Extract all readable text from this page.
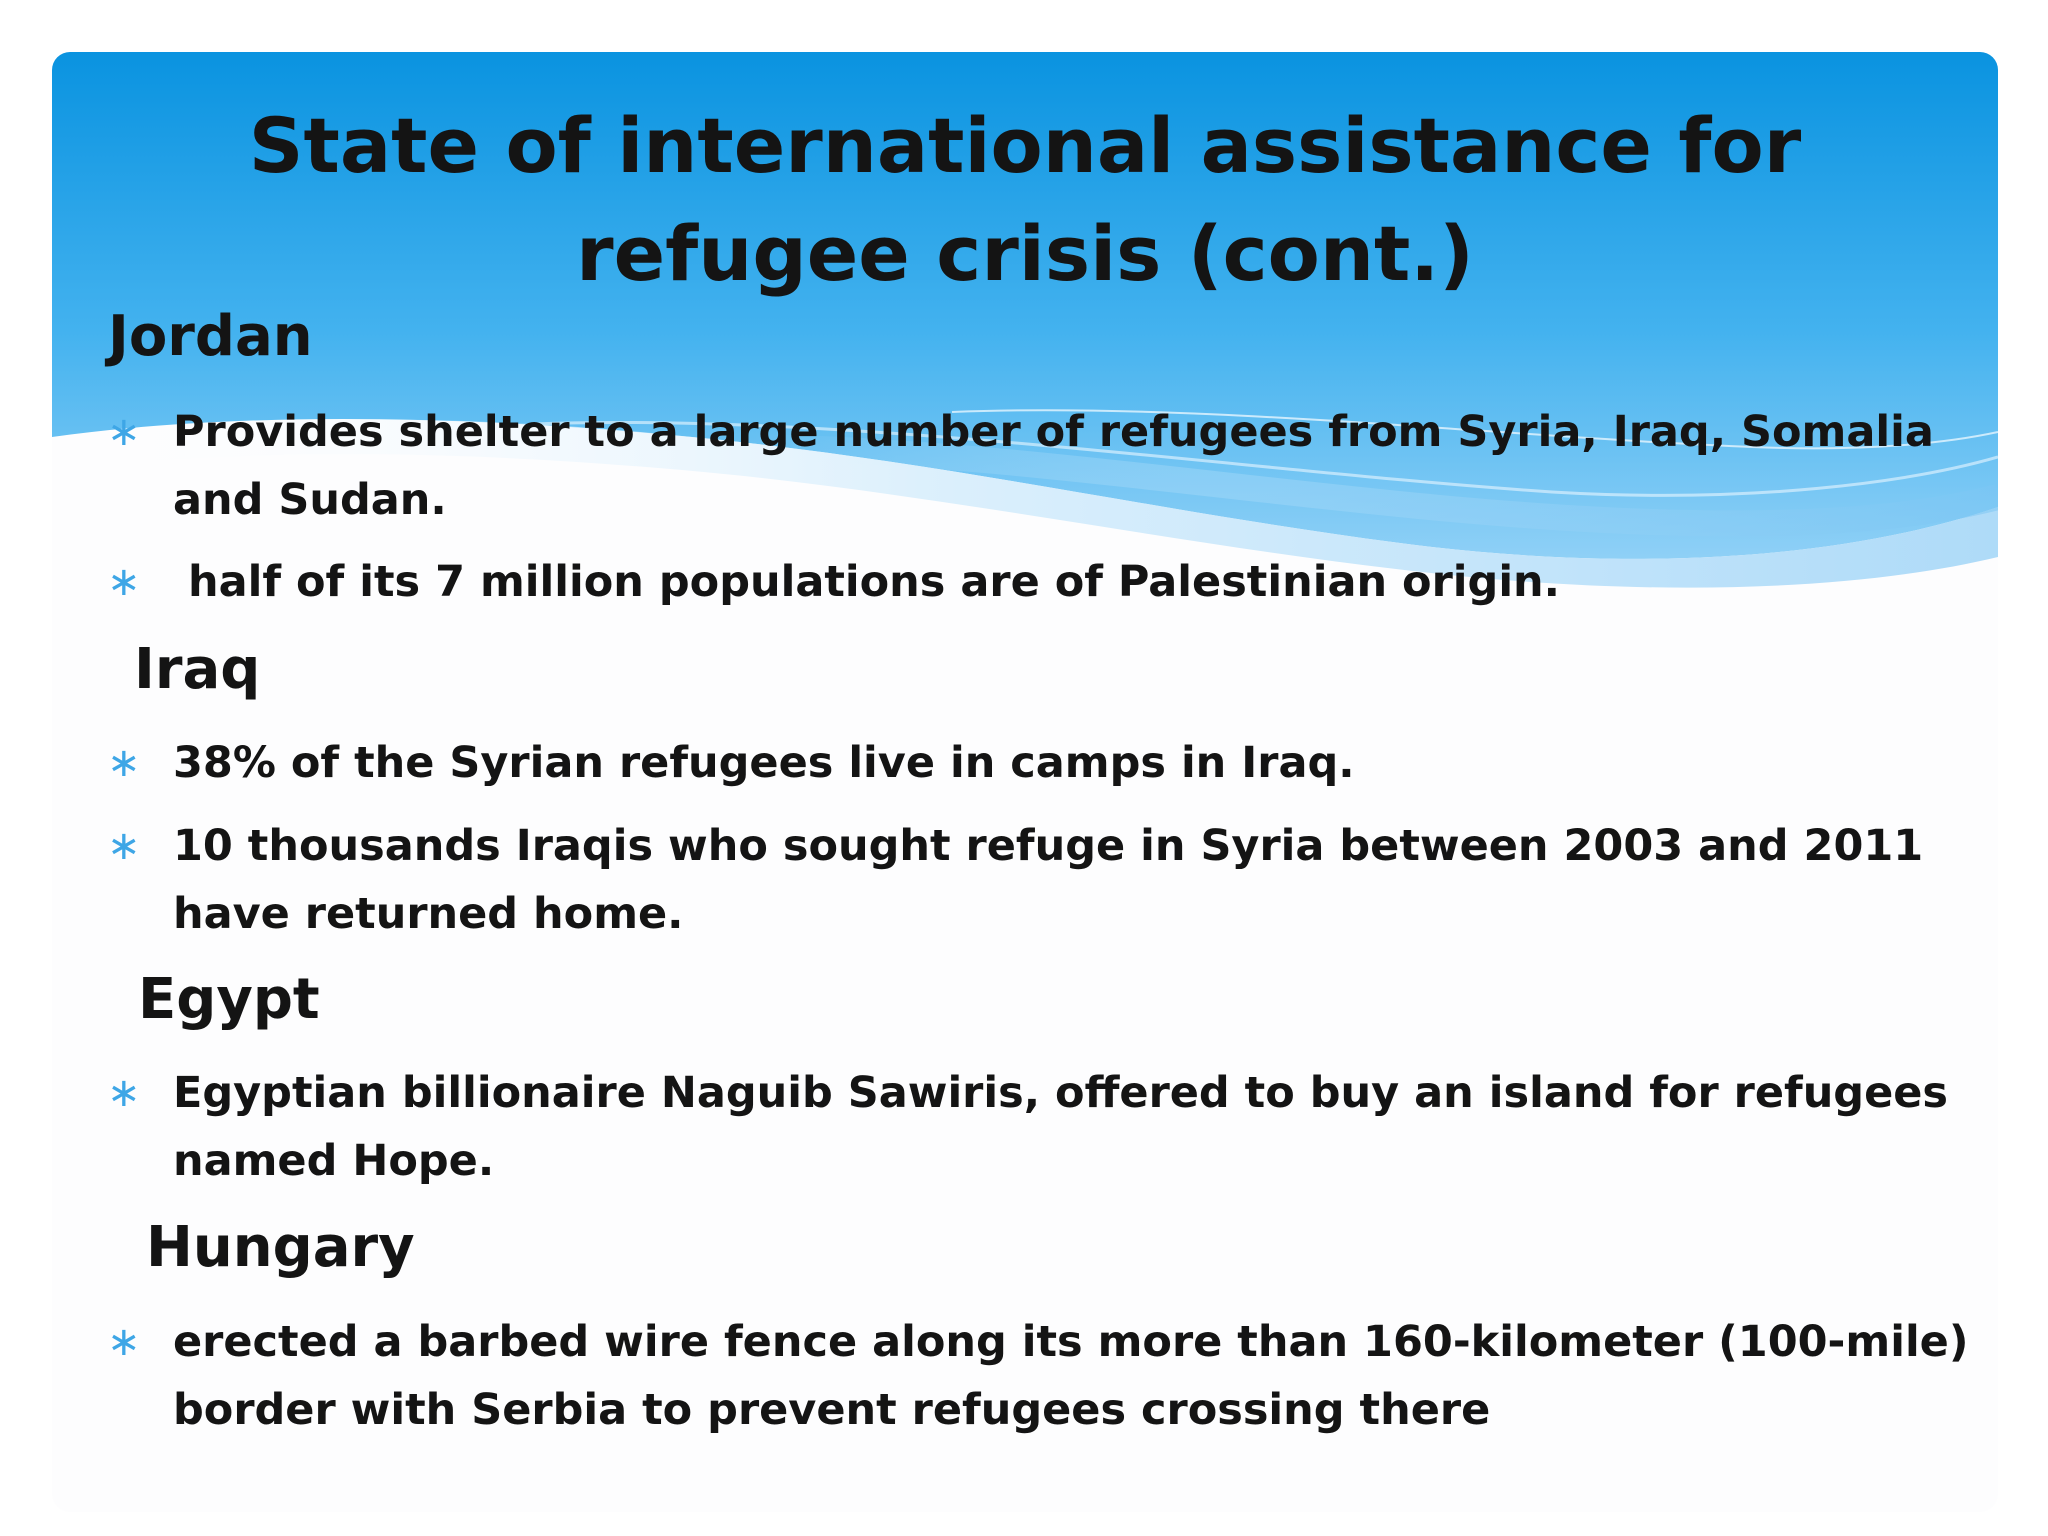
State of international assistance for refugee crisis (cont.)
Jordan
∗ Provides shelter to a large number of refugees from Syria, Iraq, Somalia and Sudan.
∗ half of its 7 million populations are of Palestinian origin.
Iraq
∗ 38% of the Syrian refugees live in camps in Iraq.
∗ 10 thousands Iraqis who sought refuge in Syria between 2003 and 2011 have returned home.
Egypt
∗ Egyptian billionaire Naguib Sawiris, offered to buy an island for refugees named Hope.
Hungary
∗ erected a barbed wire fence along its more than 160-kilometer (100-mile) border with Serbia to prevent refugees crossing there
